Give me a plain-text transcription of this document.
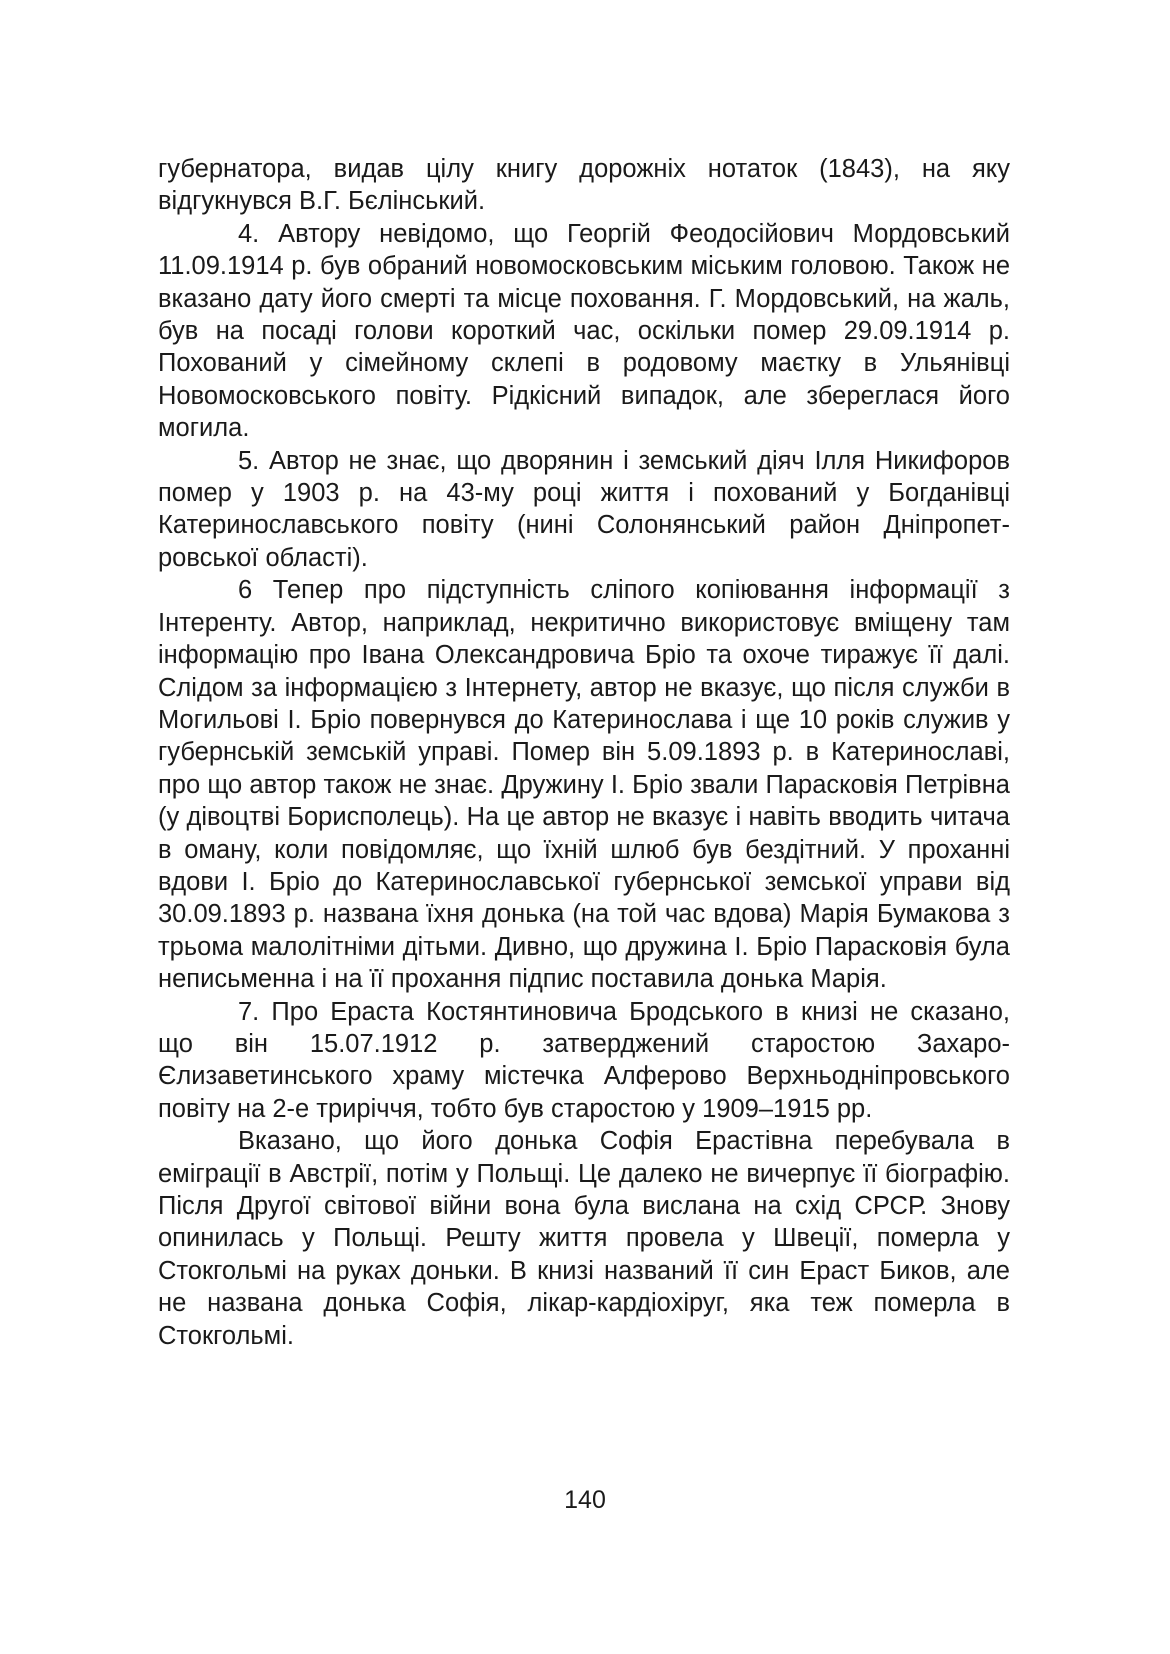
губернатора, видав цілу книгу дорожніх нотаток (1843), на яку відгукнувся В.Г. Бєлінський.

4. Автору невідомо, що Георгій Феодосійович Мордовський 11.09.1914 р. був обраний новомосковським міським головою. Також не вказано дату його смерті та місце поховання. Г. Мордовський, на жаль, був на посаді голови короткий час, оскільки помер 29.09.1914 р. Похований у сімейному склепі в родовому маєтку в Ульянівці Новомосковського повіту. Рідкісний випадок, але збереглася його могила.

5. Автор не знає, що дворянин і земський діяч Ілля Никифоров помер у 1903 р. на 43-му році життя і похований у Богданівці Катеринославського повіту (нині Солонянський район Дніпропетровської області).

6 Тепер про підступність сліпого копіювання інформації з Інтеренту. Автор, наприклад, некритично використовує вміщену там інформацію про Івана Олександровича Бріо та охоче тиражує її далі. Слідом за інформацією з Інтернету, автор не вказує, що після служби в Могильові І. Бріо повернувся до Катеринослава і ще 10 років служив у губернській земській управі. Помер він 5.09.1893 р. в Катеринославі, про що автор також не знає. Дружину І. Бріо звали Парасковія Петрівна (у дівоцтві Борисполець). На це автор не вказує і навіть вводить читача в оману, коли повідомляє, що їхній шлюб був бездітний. У проханні вдови І. Бріо до Катеринославської губернської земської управи від 30.09.1893 р. названа їхня донька (на той час вдова) Марія Бумакова з трьома малолітніми дітьми. Дивно, що дружина І. Бріо Парасковія була неписьменна і на її прохання підпис поставила донька Марія.

7. Про Ераста Костянтиновича Бродського в книзі не сказано, що він 15.07.1912 р. затверджений старостою Захаро-Єлизаветинського храму містечка Алферово Верхньодніпровського повіту на 2-е триріччя, тобто був старостою у 1909–1915 рр.

Вказано, що його донька Софія Ерастівна перебувала в еміграції в Австрії, потім у Польщі. Це далеко не вичерпує її біографію. Після Другої світової війни вона була вислана на схід СРСР. Знову опинилась у Польщі. Решту життя провела у Швеції, померла у Стокгольмі на руках доньки. В книзі названий її син Ераст Биков, але не названа донька Софія, лікар-кардіохіруг, яка теж померла в Стокгольмі.

140
